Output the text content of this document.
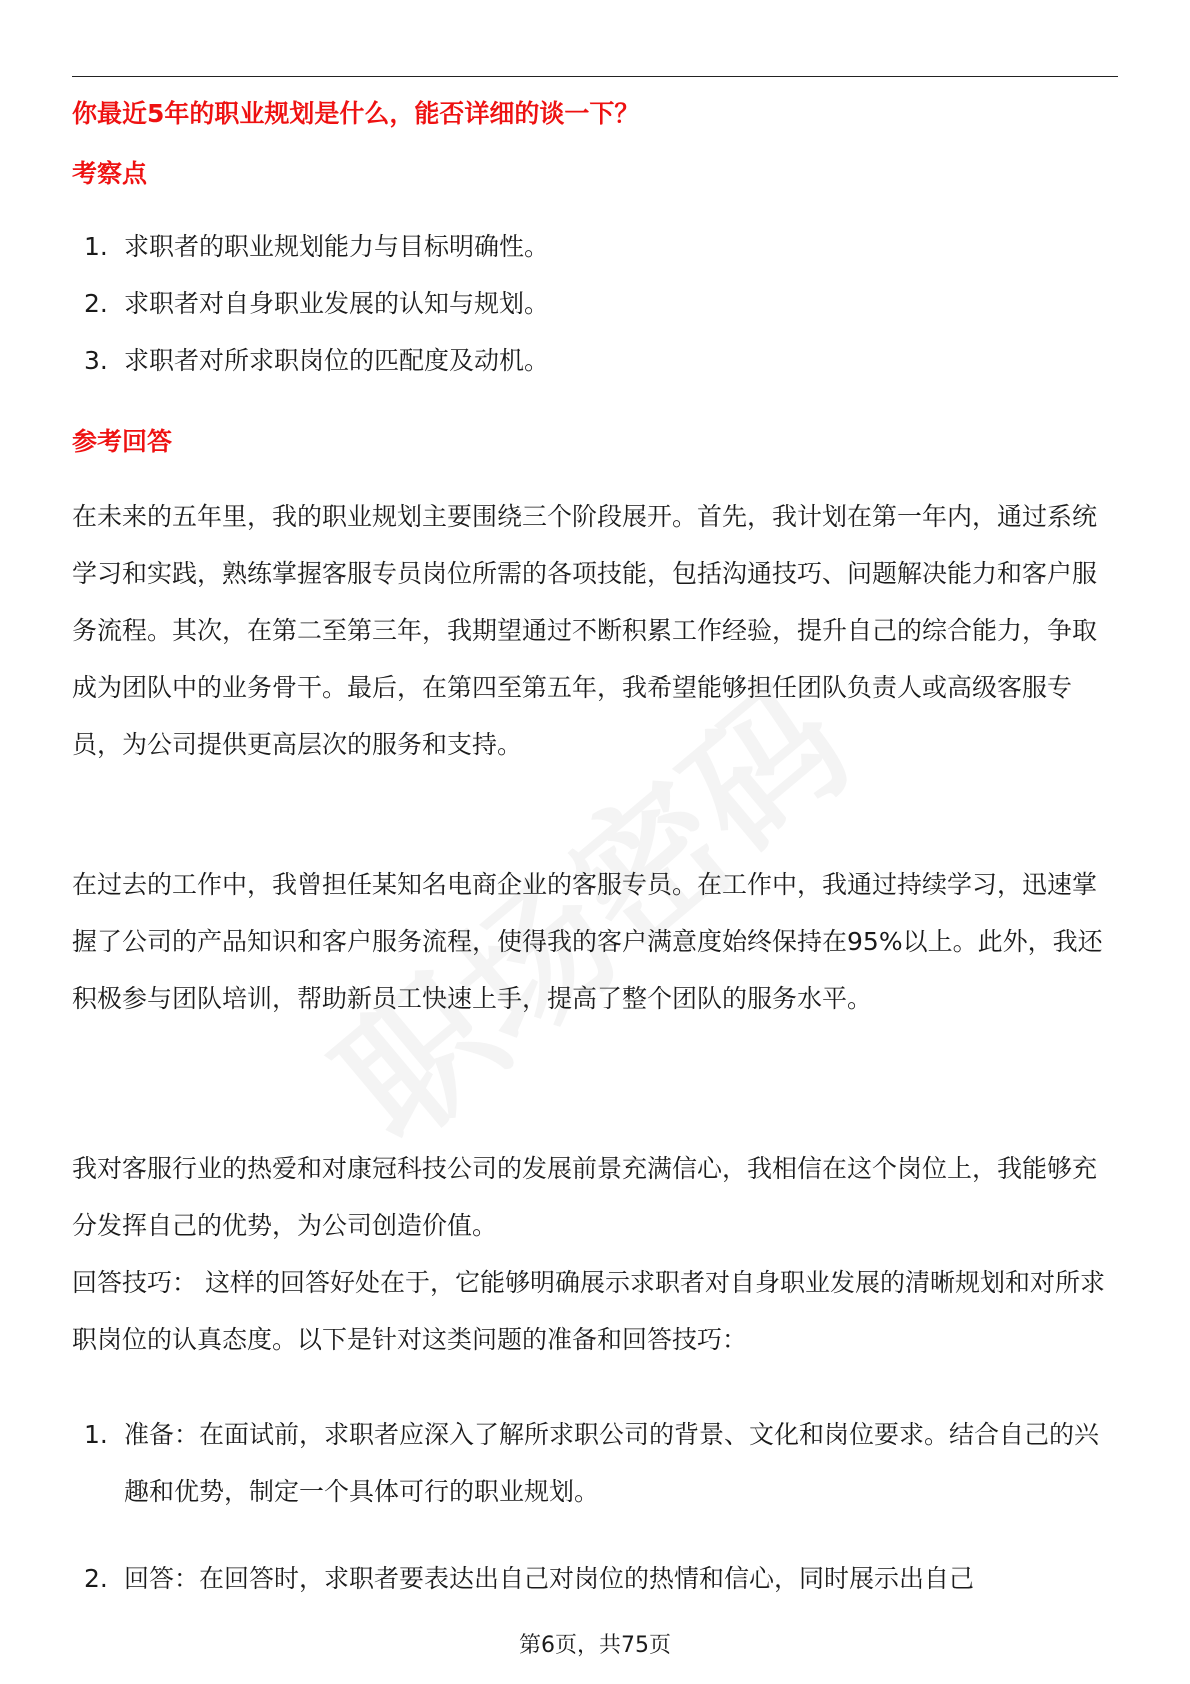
你最近5年的职业规划是什么，能否详细的谈一下？
考察点
1. 求职者的职业规划能力与目标明确性。
2. 求职者对自身职业发展的认知与规划。
3. 求职者对所求职岗位的匹配度及动机。
参考回答

在未来的五年里，我的职业规划主要围绕三个阶段展开。首先，我计划在第一年内，通过系统学习和实践，熟练掌握客服专员岗位所需的各项技能，包括沟通技巧、问题解决能力和客户服务流程。其次，在第二至第三年，我期望通过不断积累工作经验，提升自己的综合能力，争取成为团队中的业务骨干。最后，在第四至第五年，我希望能够担任团队负责人或高级客服专员，为公司提供更高层次的服务和支持。

在过去的工作中，我曾担任某知名电商企业的客服专员。在工作中，我通过持续学习，迅速掌握了公司的产品知识和客户服务流程，使得我的客户满意度始终保持在95%以上。此外，我还积极参与团队培训，帮助新员工快速上手，提高了整个团队的服务水平。

我对客服行业的热爱和对康冠科技公司的发展前景充满信心，我相信在这个岗位上，我能够充分发挥自己的优势，为公司创造价值。

回答技巧： 这样的回答好处在于，它能够明确展示求职者对自身职业发展的清晰规划和对所求职岗位的认真态度。以下是针对这类问题的准备和回答技巧：

1. 准备：在面试前，求职者应深入了解所求职公司的背景、文化和岗位要求。结合自己的兴趣和优势，制定一个具体可行的职业规划。
2. 回答：在回答时，求职者要表达出自己对岗位的热情和信心，同时展示出自己
第6页，共75页
